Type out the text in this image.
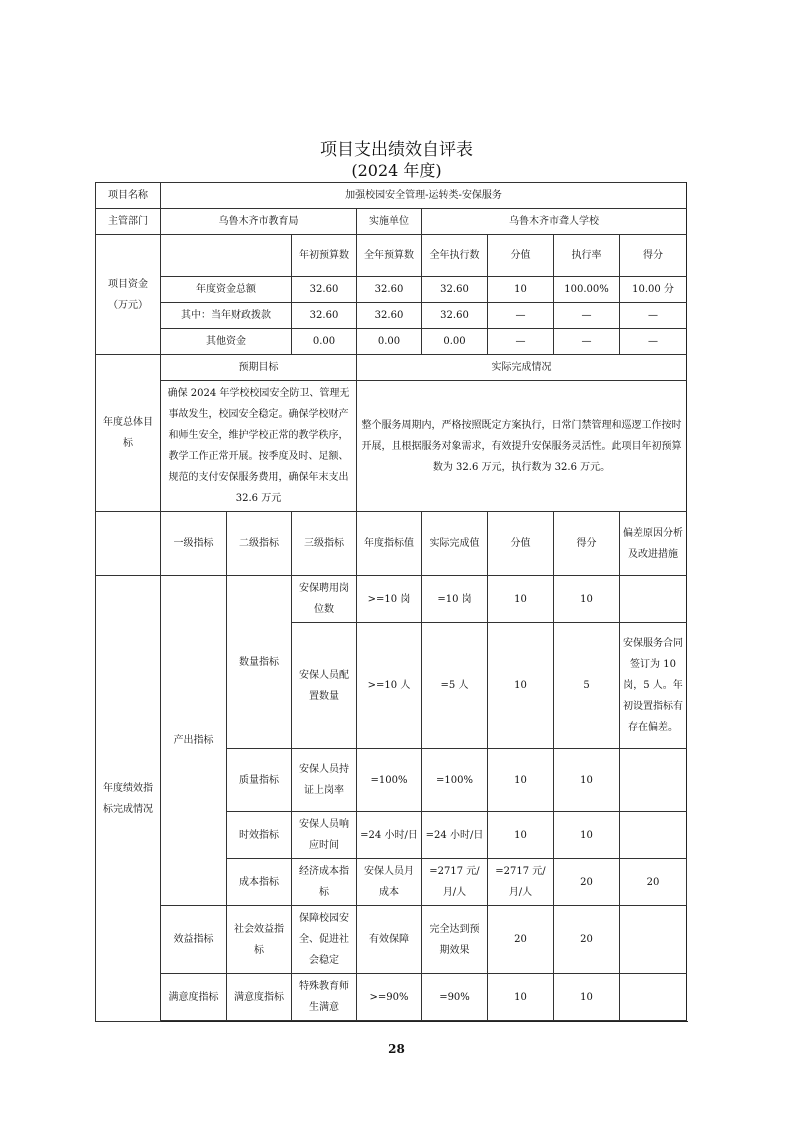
项目支出绩效自评表
(2024 年度)
项目名称	加强校园安全管理-运转类-安保服务								
主管部门	乌鲁木齐市教育局			实施单位	乌鲁木齐市聋人学校				
项目资金（万元）			年初预算数	全年预算数	全年执行数	分值	执行率	得分	
	年度资金总额		32.60	32.60	32.60	10	100.00%	10.00 分	
	其中：当年财政拨款		32.60	32.60	32.60	—	—	—	
	其他资金		0.00	0.00	0.00	—	—	—	
年度总体目标	预期目标			实际完成情况					
	确保 2024 年学校校园安全防卫、管理无事故发生，校园安全稳定。确保学校财产和师生安全，维护学校正常的教学秩序，教学工作正常开展。按季度及时、足额、规范的支付安保服务费用，确保年末支出 32.6 万元			整个服务周期内，严格按照既定方案执行，日常门禁管理和巡逻工作按时开展，且根据服务对象需求，有效提升安保服务灵活性。此项目年初预算数为 32.6 万元，执行数为 32.6 万元。					
	一级指标	二级指标	三级指标	年度指标值	实际完成值	分值	得分	偏差原因分析及改进措施	
年度绩效指标完成情况	产出指标	数量指标	安保聘用岗位数	>=10 岗	=10 岗	10	10		
			安保人员配置数量	>=10 人	=5 人	10	5	安保服务合同签订为 10 岗，5 人。年初设置指标有存在偏差。	
		质量指标	安保人员持证上岗率	=100%	=100%	10	10		
		时效指标	安保人员响应时间	=24 小时/日	=24 小时/日	10	10		
		成本指标	经济成本指标	安保人员月成本	=2717 元/月/人	=2717 元/月/人	20	20	
	效益指标	社会效益指标	保障校园安全、促进社会稳定	有效保障	完全达到预期效果	20	20		
	满意度指标	满意度指标	特殊教育师生满意	>=90%	=90%	10	10		

28
